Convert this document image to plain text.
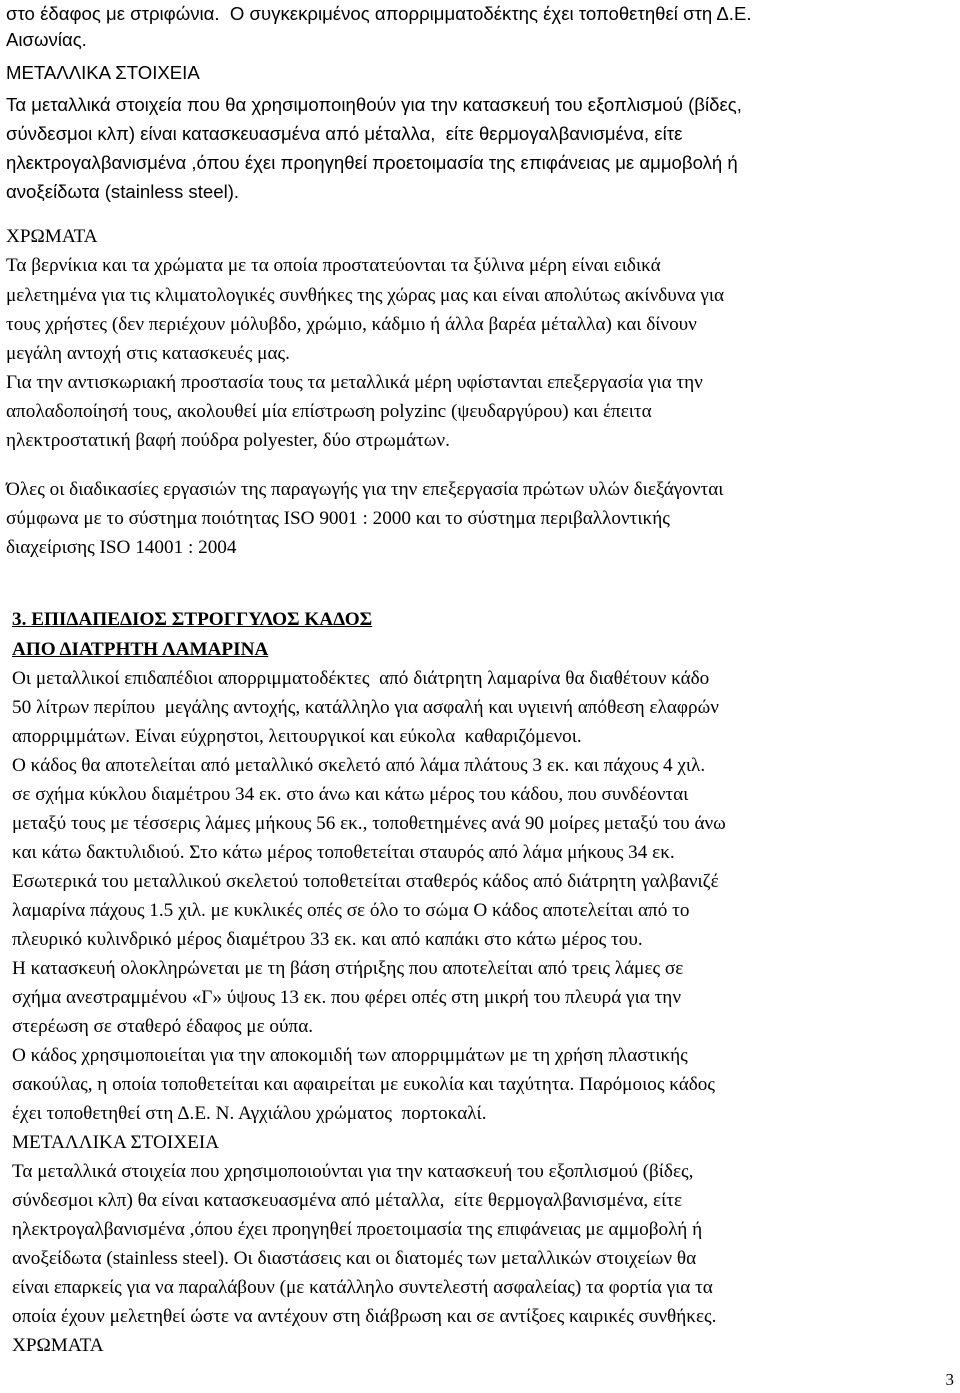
στο έδαφος με στριφώνια.  Ο συγκεκριμένος απορριμματοδέκτης έχει τοποθετηθεί στη Δ.Ε.
Αισωνίας.
ΜΕΤΑΛΛΙΚΑ ΣΤΟΙΧΕΙΑ
Τα μεταλλικά στοιχεία που θα χρησιμοποιηθούν για την κατασκευή του εξοπλισμού (βίδες,
σύνδεσμοι κλπ) είναι κατασκευασμένα από μέταλλα,  είτε θερμογαλβανισμένα, είτε
ηλεκτρογαλβανισμένα ,όπου έχει προηγηθεί προετοιμασία της επιφάνειας με αμμοβολή ή
ανοξείδωτα (stainless steel).
ΧΡΩΜΑΤΑ
Τα βερνίκια και τα χρώματα με τα οποία προστατεύονται τα ξύλινα μέρη είναι ειδικά
μελετημένα για τις κλιματολογικές συνθήκες της χώρας μας και είναι απολύτως ακίνδυνα για
τους χρήστες (δεν περιέχουν μόλυβδο, χρώμιο, κάδμιο ή άλλα βαρέα μέταλλα) και δίνουν
μεγάλη αντοχή στις κατασκευές μας.
Για την αντισκωριακή προστασία τους τα μεταλλικά μέρη υφίστανται επεξεργασία για την
απολαδοποίησή τους, ακολουθεί μία επίστρωση polyzinc (ψευδαργύρου) και έπειτα
ηλεκτροστατική βαφή πούδρα polyester, δύο στρωμάτων.
Όλες οι διαδικασίες εργασιών της παραγωγής για την επεξεργασία πρώτων υλών διεξάγονται
σύμφωνα με το σύστημα ποιότητας ISO 9001 : 2000 και το σύστημα περιβαλλοντικής
διαχείρισης ISO 14001 : 2004
3. ΕΠΙΔΑΠΕΔΙΟΣ ΣΤΡΟΓΓΥΛΟΣ ΚΑΔΟΣ
ΑΠΟ ΔΙΑΤΡΗΤΗ ΛΑΜΑΡΙΝΑ
Οι μεταλλικοί επιδαπέδιοι απορριμματοδέκτες  από διάτρητη λαμαρίνα θα διαθέτουν κάδο
50 λίτρων περίπου  μεγάλης αντοχής, κατάλληλο για ασφαλή και υγιεινή απόθεση ελαφρών
απορριμμάτων. Είναι εύχρηστοι, λειτουργικοί και εύκολα  καθαριζόμενοι.
Ο κάδος θα αποτελείται από μεταλλικό σκελετό από λάμα πλάτους 3 εκ. και πάχους 4 χιλ.
σε σχήμα κύκλου διαμέτρου 34 εκ. στο άνω και κάτω μέρος του κάδου, που συνδέονται
μεταξύ τους με τέσσερις λάμες μήκους 56 εκ., τοποθετημένες ανά 90 μοίρες μεταξύ του άνω
και κάτω δακτυλιδιού. Στο κάτω μέρος τοποθετείται σταυρός από λάμα μήκους 34 εκ.
Εσωτερικά του μεταλλικού σκελετού τοποθετείται σταθερός κάδος από διάτρητη γαλβανιζέ
λαμαρίνα πάχους 1.5 χιλ. με κυκλικές οπές σε όλο το σώμα Ο κάδος αποτελείται από το
πλευρικό κυλινδρικό μέρος διαμέτρου 33 εκ. και από καπάκι στο κάτω μέρος του.
Η κατασκευή ολοκληρώνεται με τη βάση στήριξης που αποτελείται από τρεις λάμες σε
σχήμα ανεστραμμένου «Γ» ύψους 13 εκ. που φέρει οπές στη μικρή του πλευρά για την
στερέωση σε σταθερό έδαφος με ούπα.
Ο κάδος χρησιμοποιείται για την αποκομιδή των απορριμμάτων με τη χρήση πλαστικής
σακούλας, η οποία τοποθετείται και αφαιρείται με ευκολία και ταχύτητα. Παρόμοιος κάδος
έχει τοποθετηθεί στη Δ.Ε. Ν. Αγχιάλου χρώματος  πορτοκαλί.
ΜΕΤΑΛΛΙΚΑ ΣΤΟΙΧΕΙΑ
Τα μεταλλικά στοιχεία που χρησιμοποιούνται για την κατασκευή του εξοπλισμού (βίδες,
σύνδεσμοι κλπ) θα είναι κατασκευασμένα από μέταλλα,  είτε θερμογαλβανισμένα, είτε
ηλεκτρογαλβανισμένα ,όπου έχει προηγηθεί προετοιμασία της επιφάνειας με αμμοβολή ή
ανοξείδωτα (stainless steel). Οι διαστάσεις και οι διατομές των μεταλλικών στοιχείων θα
είναι επαρκείς για να παραλάβουν (με κατάλληλο συντελεστή ασφαλείας) τα φορτία για τα
οποία έχουν μελετηθεί ώστε να αντέχουν στη διάβρωση και σε αντίξοες καιρικές συνθήκες.
ΧΡΩΜΑΤΑ
3
